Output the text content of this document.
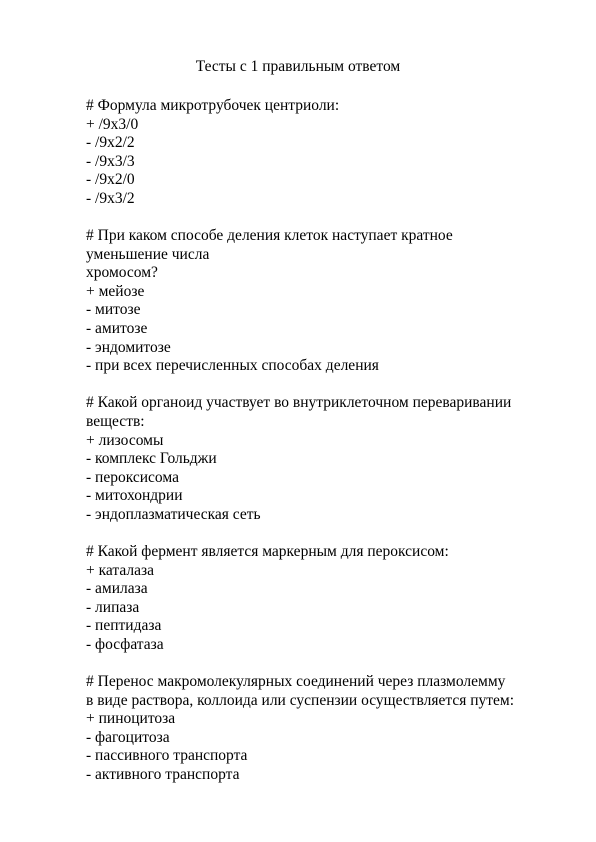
Тесты с 1 правильным ответом

# Формула микротрубочек центриоли:

+ /9x3/0

- /9x2/2

- /9x3/3

- /9x2/0

- /9x3/2

# При каком способе деления клеток наступает кратное

уменьшение числа

хромосом?

+ мейозе

- митозе

- амитозе

- эндомитозе

- при всех перечисленных способах деления

# Какой органоид участвует во внутриклеточном переваривании

веществ:

+ лизосомы

- комплекс Гольджи

- пероксисома

- митохондрии

- эндоплазматическая сеть

# Какой фермент является маркерным для пероксисом:

+ каталаза

- амилаза

- липаза

- пептидаза

- фосфатаза

# Перенос макромолекулярных соединений через плазмолемму

в виде раствора, коллоида или суспензии осуществляется путем:

+ пиноцитоза

- фагоцитоза

- пассивного транспорта

- активного транспорта
